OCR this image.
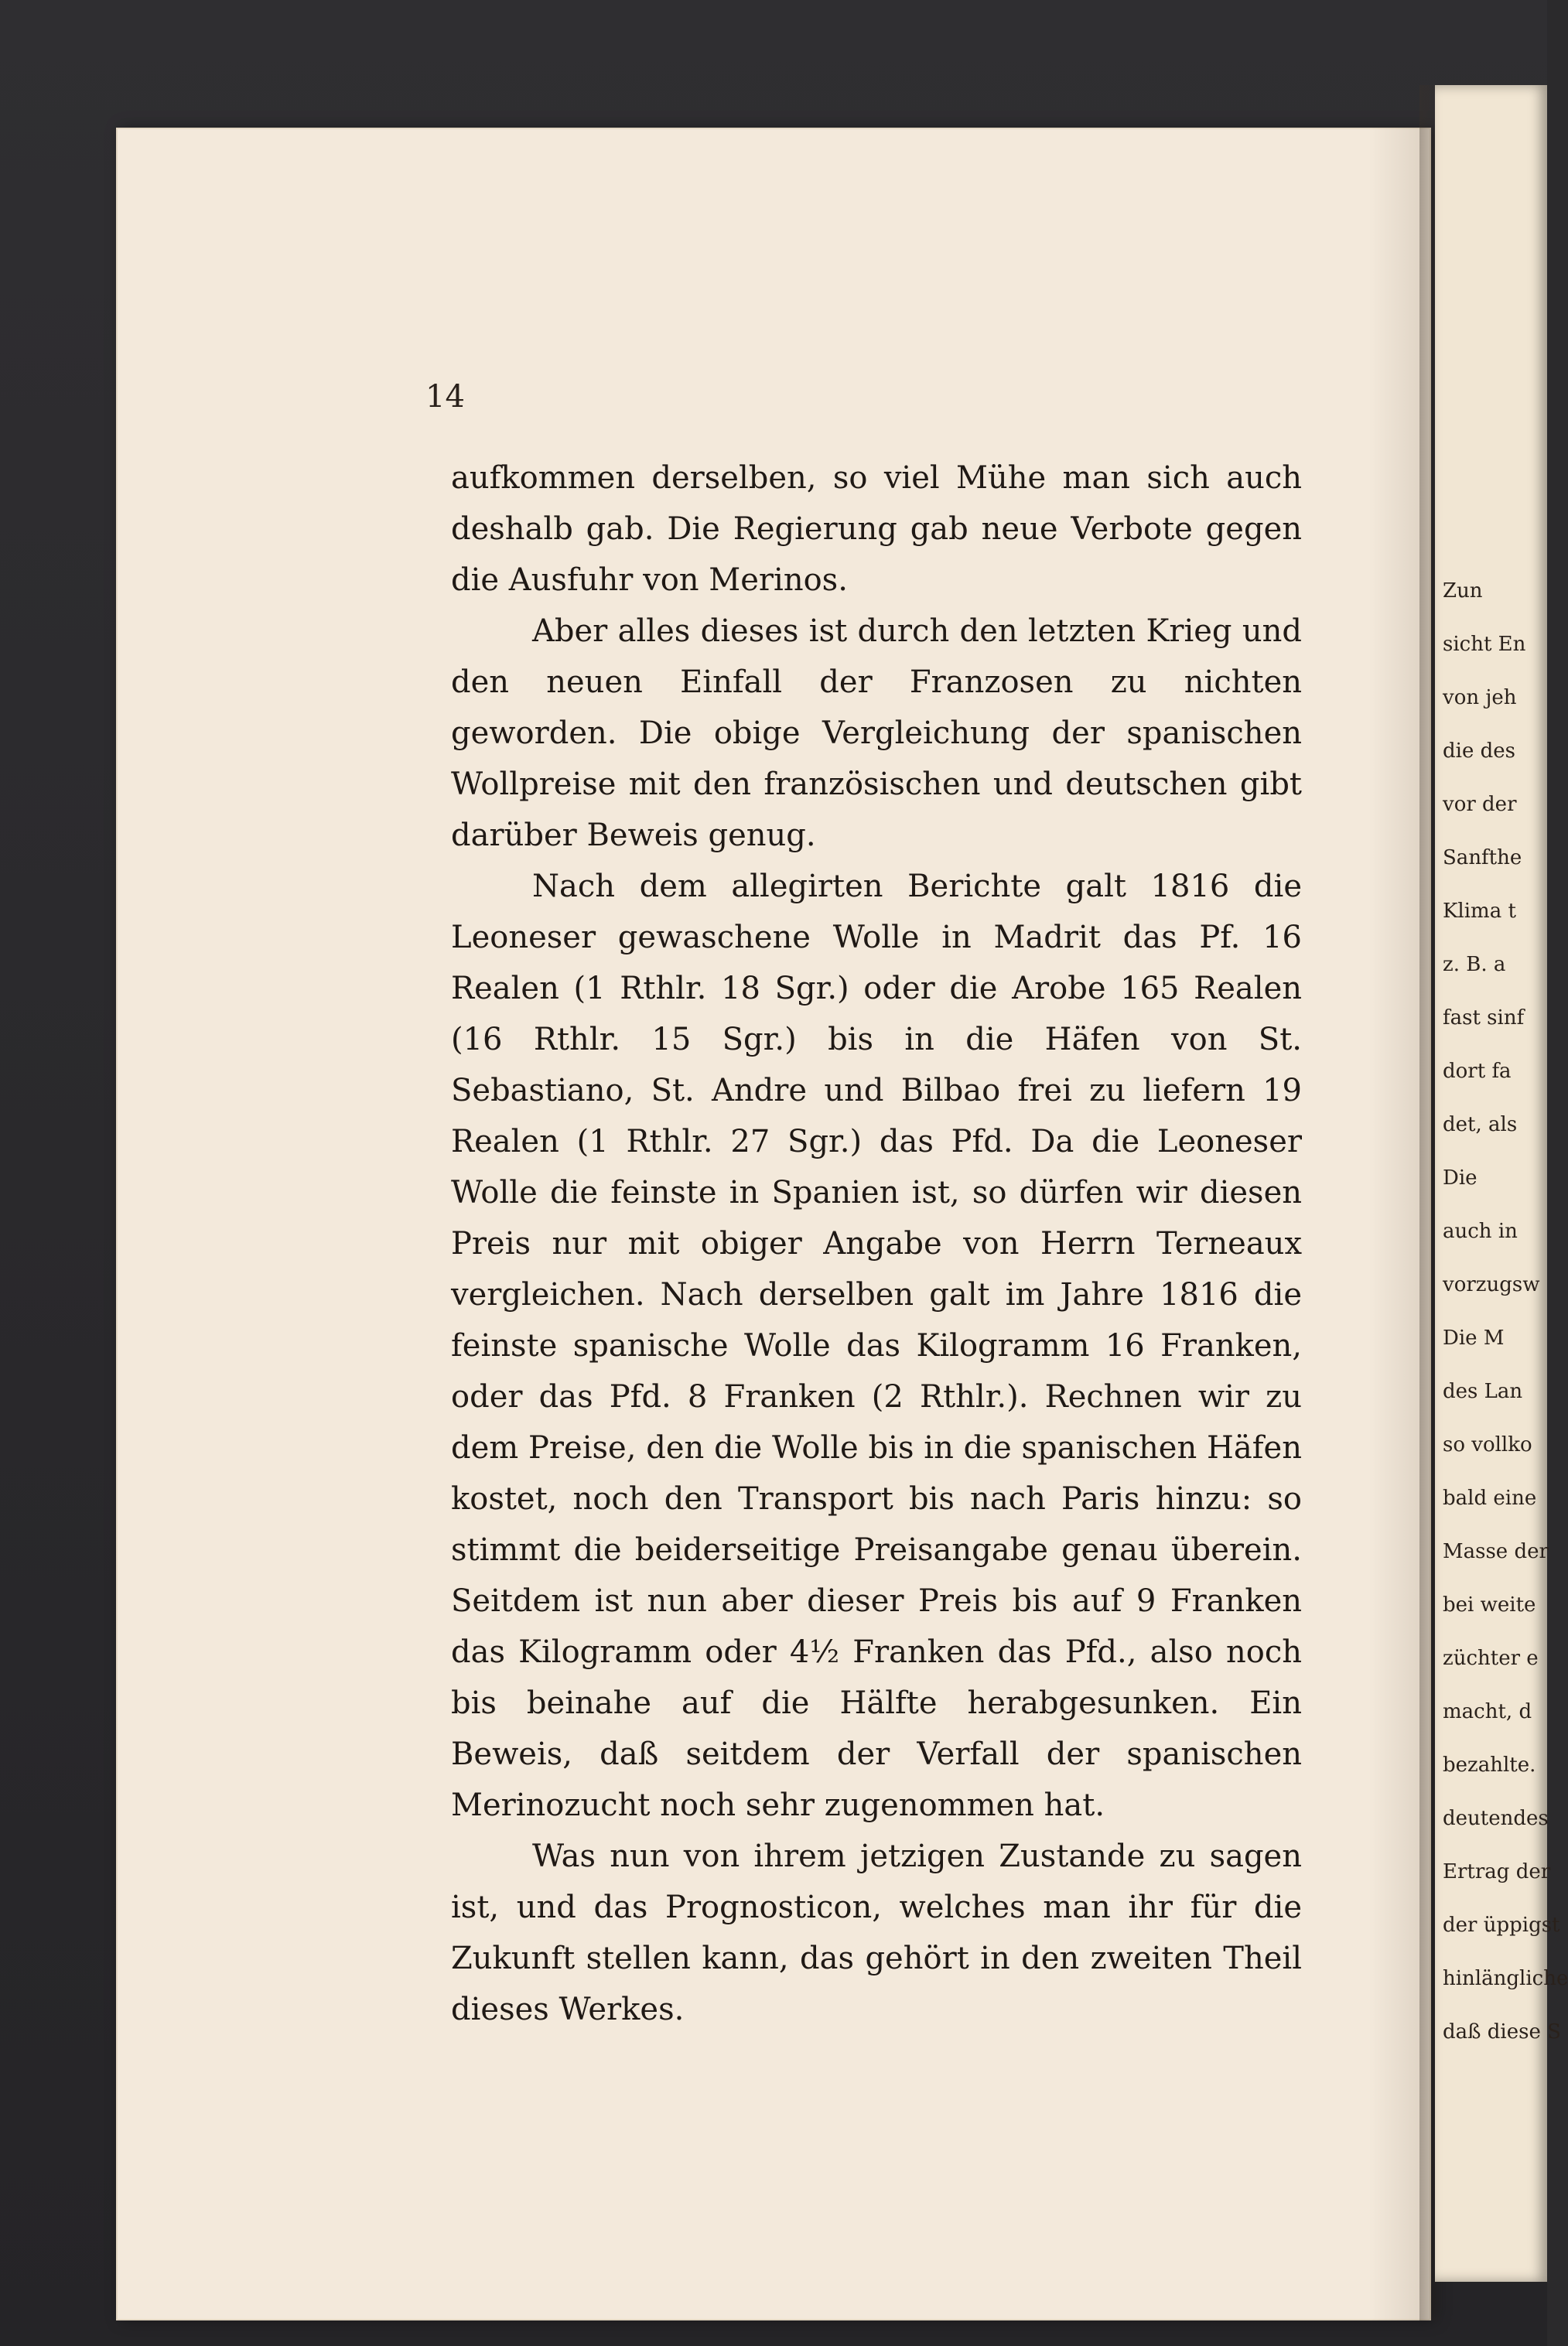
Zun
sicht En
von jeh
die des
vor der
Sanfthe
Klima t
z. B. a
fast sinf
dort fa
det, als
Die
auch in
vorzugsw
Die M
des Lan
so vollko
bald eine
Masse der
bei weite
züchter e
macht, d
bezahlte.
deutendes
Ertrag der
der üppigst
hinlängliche
daß diese S
14

aufkommen derselben, so viel Mühe man sich auch deshalb gab. Die Regierung gab neue Verbote gegen die Ausfuhr von Merinos.

Aber alles dieses ist durch den letzten Krieg und den neuen Einfall der Franzosen zu nichten geworden. Die obige Vergleichung der spanischen Wollpreise mit den französischen und deutschen gibt darüber Beweis genug.

Nach dem allegirten Berichte galt 1816 die Leoneser gewaschene Wolle in Madrit das Pf. 16 Realen (1 Rthlr. 18 Sgr.) oder die Arobe 165 Realen (16 Rthlr. 15 Sgr.) bis in die Häfen von St. Sebastiano, St. Andre und Bilbao frei zu liefern 19 Realen (1 Rthlr. 27 Sgr.) das Pfd. Da die Leoneser Wolle die feinste in Spanien ist, so dürfen wir diesen Preis nur mit obiger Angabe von Herrn Terneaux vergleichen. Nach derselben galt im Jahre 1816 die feinste spanische Wolle das Kilogramm 16 Franken, oder das Pfd. 8 Franken (2 Rthlr.). Rechnen wir zu dem Preise, den die Wolle bis in die spanischen Häfen kostet, noch den Transport bis nach Paris hinzu: so stimmt die beiderseitige Preisangabe genau überein. Seitdem ist nun aber dieser Preis bis auf 9 Franken das Kilogramm oder 4½ Franken das Pfd., also noch bis beinahe auf die Hälfte herabgesunken. Ein Beweis, daß seitdem der Verfall der spanischen Merinozucht noch sehr zugenommen hat.

Was nun von ihrem jetzigen Zustande zu sagen ist, und das Prognosticon, welches man ihr für die Zukunft stellen kann, das gehört in den zweiten Theil dieses Werkes.
